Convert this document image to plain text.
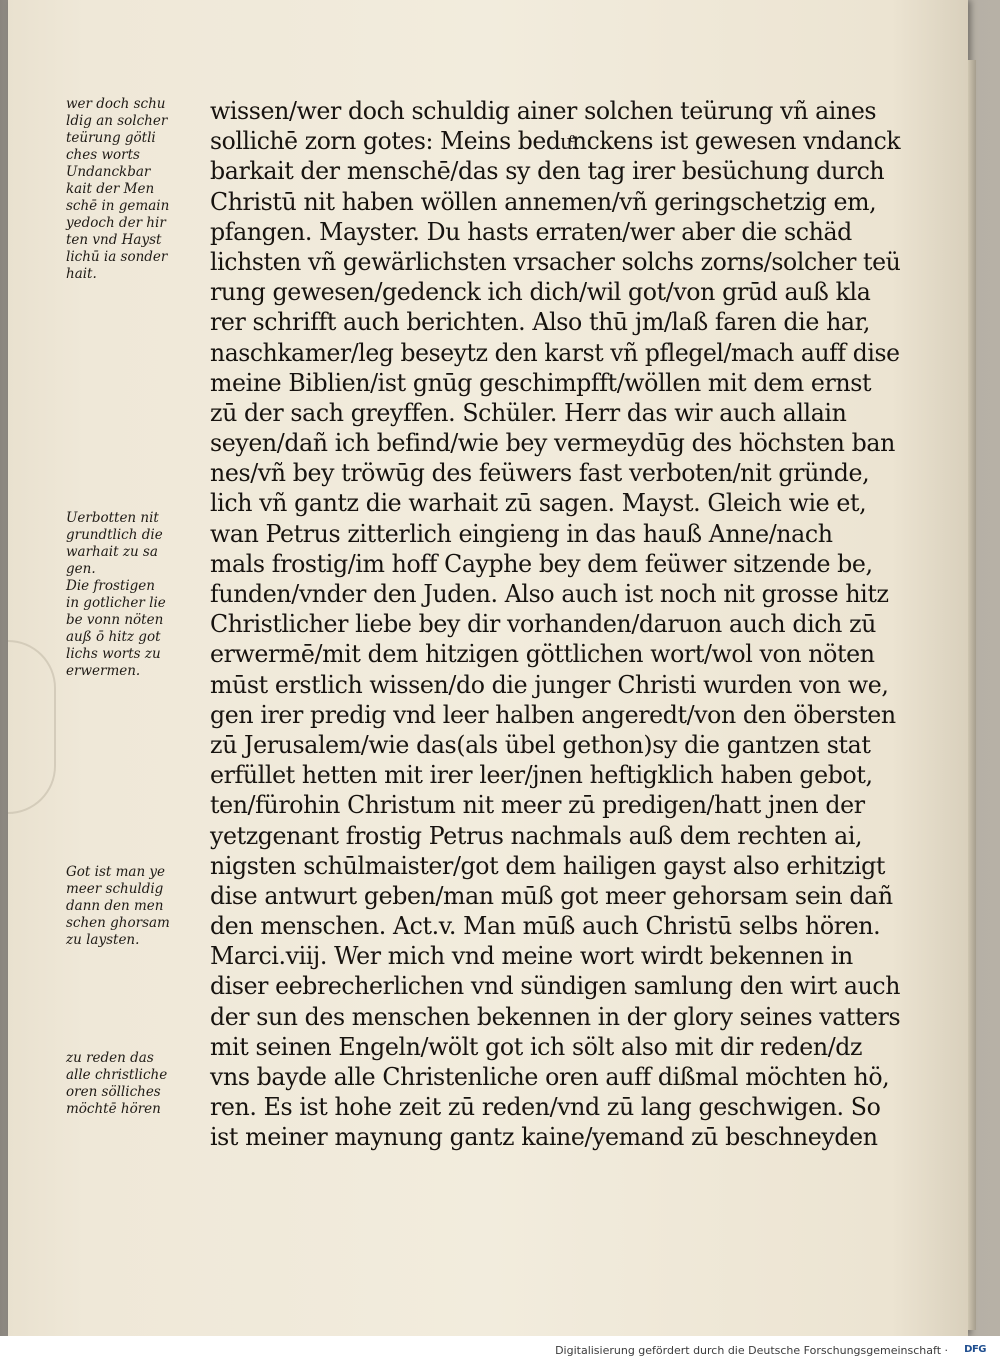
wer doch schu
ldig an solcher
teürung götli
ches worts
Undanckbar
kait der Men
schē in gemain
yedoch der hir
ten vnd Hayst
lichū ia sonder
hait.
Uerbotten nit
grundtlich die
warhait zu sa
gen.
Die frostigen
in gotlicher lie
be vonn nöten
auß ō hitz got
lichs worts zu
erwermen.
Got ist man ye
meer schuldig
dann den men
schen ghorsam
zu laysten.
zu reden das
alle christliche
oren sölliches
möchtē hören
wissen/wer doch schuldig ainer solchen teürung vñ aines
sollichē zorn gotes: Meins beduͤnckens ist gewesen vndanck
barkait der menschē/das sy den tag irer besüchung durch
Christū nit haben wöllen annemen/vñ geringschetzig em,
pfangen. Mayster. Du hasts erraten/wer aber die schäd
lichsten vñ gewärlichsten vrsacher solchs zorns/solcher teü
rung gewesen/gedenck ich dich/wil got/von grūd auß kla
rer schrifft auch berichten. Also thū jm/laß faren die har,
naschkamer/leg beseytz den karst vñ pflegel/mach auff dise
meine Biblien/ist gnūg geschimpfft/wöllen mit dem ernst
zū der sach greyffen. Schüler. Herr das wir auch allain
seyen/dañ ich befind/wie bey vermeydūg des höchsten ban
nes/vñ bey tröwūg des feüwers fast verboten/nit gründe,
lich vñ gantz die warhait zū sagen. Mayst. Gleich wie et,
wan Petrus zitterlich eingieng in das hauß Anne/nach
mals frostig/im hoff Cayphe bey dem feüwer sitzende be,
funden/vnder den Juden. Also auch ist noch nit grosse hitz
Christlicher liebe bey dir vorhanden/daruon auch dich zū
erwermē/mit dem hitzigen göttlichen wort/wol von nöten
mūst erstlich wissen/do die junger Christi wurden von we,
gen irer predig vnd leer halben angeredt/von den öbersten
zū Jerusalem/wie das(als übel gethon)sy die gantzen stat
erfüllet hetten mit irer leer/jnen heftigklich haben gebot,
ten/fürohin Christum nit meer zū predigen/hatt jnen der
yetzgenant frostig Petrus nachmals auß dem rechten ai,
nigsten schūlmaister/got dem hailigen gayst also erhitzigt
dise antwurt geben/man mūß got meer gehorsam sein dañ
den menschen. Act.v. Man mūß auch Christū selbs hören.
Marci.viij. Wer mich vnd meine wort wirdt bekennen in
diser eebrecherlichen vnd sündigen samlung den wirt auch
der sun des menschen bekennen in der glory seines vatters
mit seinen Engeln/wölt got ich sölt also mit dir reden/dz
vns bayde alle Christenliche oren auff dißmal möchten hö,
ren. Es ist hohe zeit zū reden/vnd zū lang geschwigen. So
ist meiner maynung gantz kaine/yemand zū beschneyden
Digitalisierung gefördert durch die Deutsche Forschungsgemeinschaft · DFG
